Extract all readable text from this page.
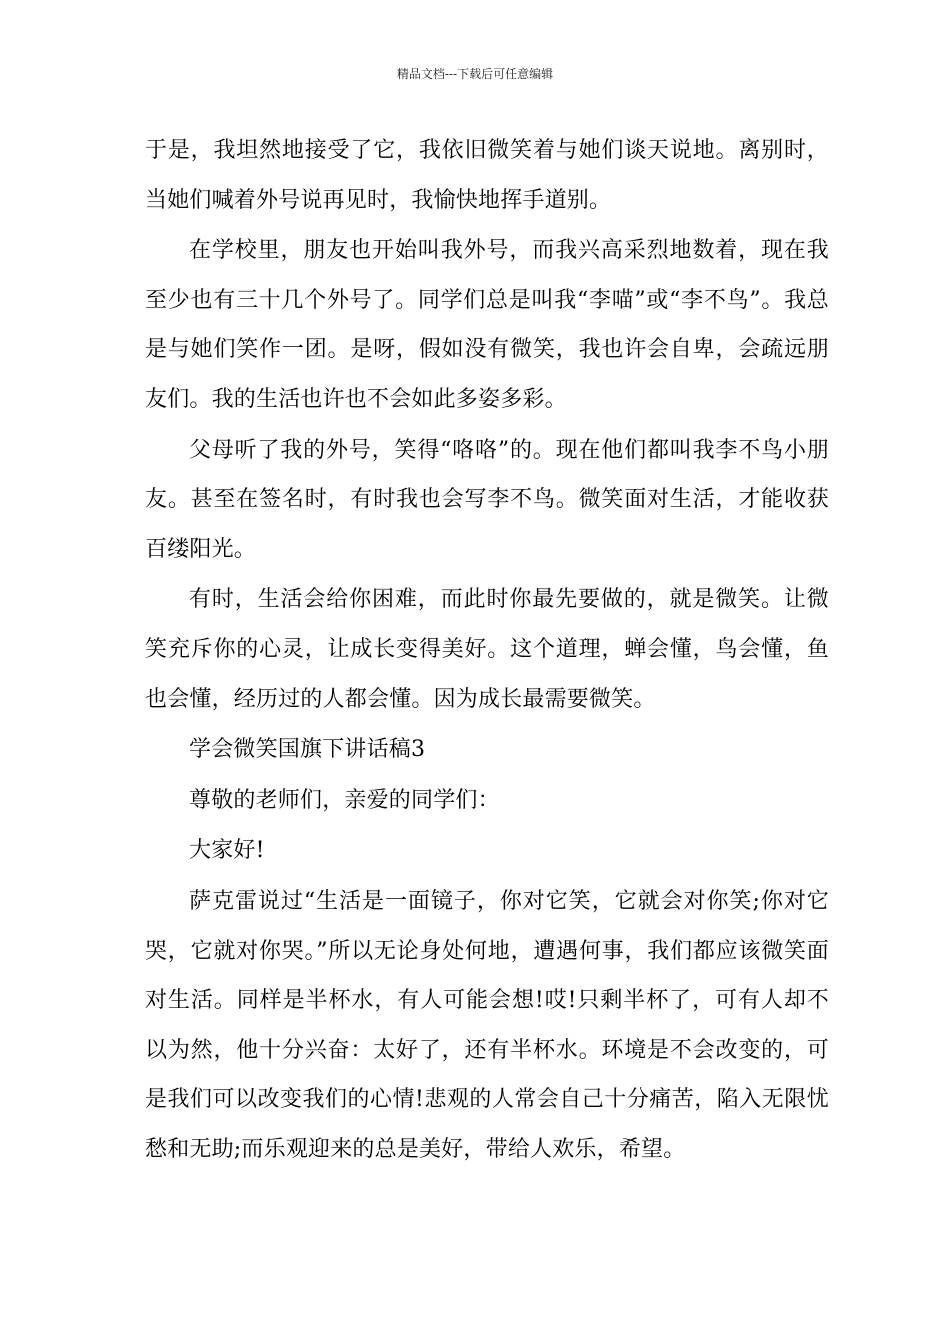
精品文档---下载后可任意编辑

于是，我坦然地接受了它，我依旧微笑着与她们谈天说地。离别时，当她们喊着外号说再见时，我愉快地挥手道别。

在学校里，朋友也开始叫我外号，而我兴高采烈地数着，现在我至少也有三十几个外号了。同学们总是叫我“李喵”或“李不鸟”。我总是与她们笑作一团。是呀，假如没有微笑，我也许会自卑，会疏远朋友们。我的生活也许也不会如此多姿多彩。

父母听了我的外号，笑得“咯咯”的。现在他们都叫我李不鸟小朋友。甚至在签名时，有时我也会写李不鸟。微笑面对生活，才能收获百缕阳光。

有时，生活会给你困难，而此时你最先要做的，就是微笑。让微笑充斥你的心灵，让成长变得美好。这个道理，蝉会懂，鸟会懂，鱼也会懂，经历过的人都会懂。因为成长最需要微笑。

学会微笑国旗下讲话稿3

尊敬的老师们，亲爱的同学们：

大家好!

萨克雷说过“生活是一面镜子，你对它笑，它就会对你笑;你对它哭，它就对你哭。”所以无论身处何地，遭遇何事，我们都应该微笑面对生活。同样是半杯水，有人可能会想!哎!只剩半杯了，可有人却不以为然，他十分兴奋：太好了，还有半杯水。环境是不会改变的，可是我们可以改变我们的心情!悲观的人常会自己十分痛苦，陷入无限忧愁和无助;而乐观迎来的总是美好，带给人欢乐，希望。
